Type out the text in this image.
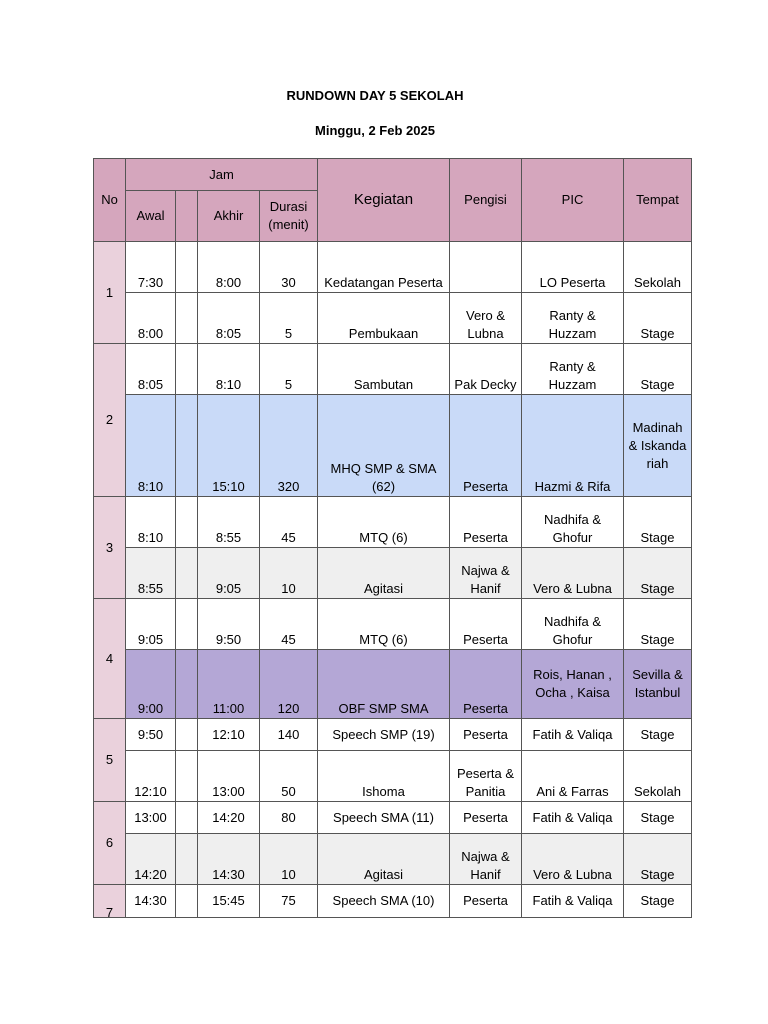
RUNDOWN DAY 5 SEKOLAH
Minggu, 2 Feb 2025
No	Jam				Kegiatan	Pengisi	PIC	Tempat
	Awal		Akhir	Durasi (menit)				
1	7:30		8:00	30	Kedatangan Peserta		LO Peserta	Sekolah
	8:00		8:05	5	Pembukaan	Vero & Lubna	Ranty & Huzzam	Stage
2	8:05		8:10	5	Sambutan	Pak Decky	Ranty & Huzzam	Stage
	8:10		15:10	320	MHQ SMP & SMA (62)	Peserta	Hazmi & Rifa	Madinah & Iskandariah
3	8:10		8:55	45	MTQ (6)	Peserta	Nadhifa & Ghofur	Stage
	8:55		9:05	10	Agitasi	Najwa & Hanif	Vero & Lubna	Stage
4	9:05		9:50	45	MTQ (6)	Peserta	Nadhifa & Ghofur	Stage
	9:00		11:00	120	OBF SMP SMA	Peserta	Rois, Hanan , Ocha , Kaisa	Sevilla & Istanbul
5	9:50		12:10	140	Speech SMP (19)	Peserta	Fatih & Valiqa	Stage
	12:10		13:00	50	Ishoma	Peserta & Panitia	Ani & Farras	Sekolah
6	13:00		14:20	80	Speech SMA (11)	Peserta	Fatih & Valiqa	Stage
	14:20		14:30	10	Agitasi	Najwa & Hanif	Vero & Lubna	Stage
7	14:30		15:45	75	Speech SMA (10)	Peserta	Fatih & Valiqa	Stage
